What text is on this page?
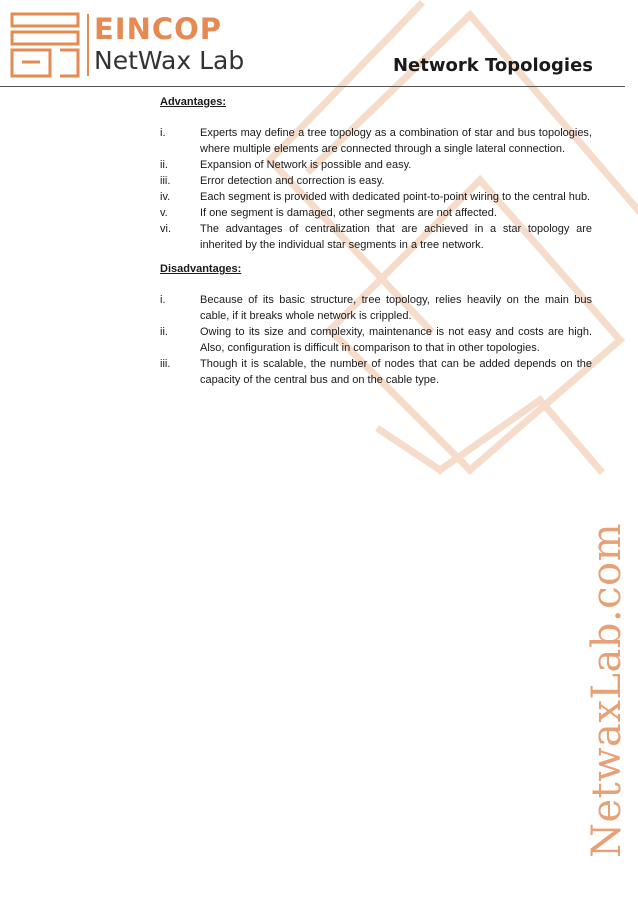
EINCOP
NetWax Lab	Network Topologies
Advantages:
i.	Experts may define a tree topology as a combination of star and bus topologies, where multiple elements are connected through a single lateral connection.
ii.	Expansion of Network is possible and easy.
iii.	Error detection and correction is easy.
iv.	Each segment is provided with dedicated point-to-point wiring to the central hub.
v.	If one segment is damaged, other segments are not affected.
vi.	The advantages of centralization that are achieved in a star topology are inherited by the individual star segments in a tree network.
Disadvantages:
i.	Because of its basic structure, tree topology, relies heavily on the main bus cable, if it breaks whole network is crippled.
ii.	Owing to its size and complexity, maintenance is not easy and costs are high. Also, configuration is difficult in comparison to that in other topologies.
iii.	Though it is scalable, the number of nodes that can be added depends on the capacity of the central bus and on the cable type.
NetwaxLab.com
